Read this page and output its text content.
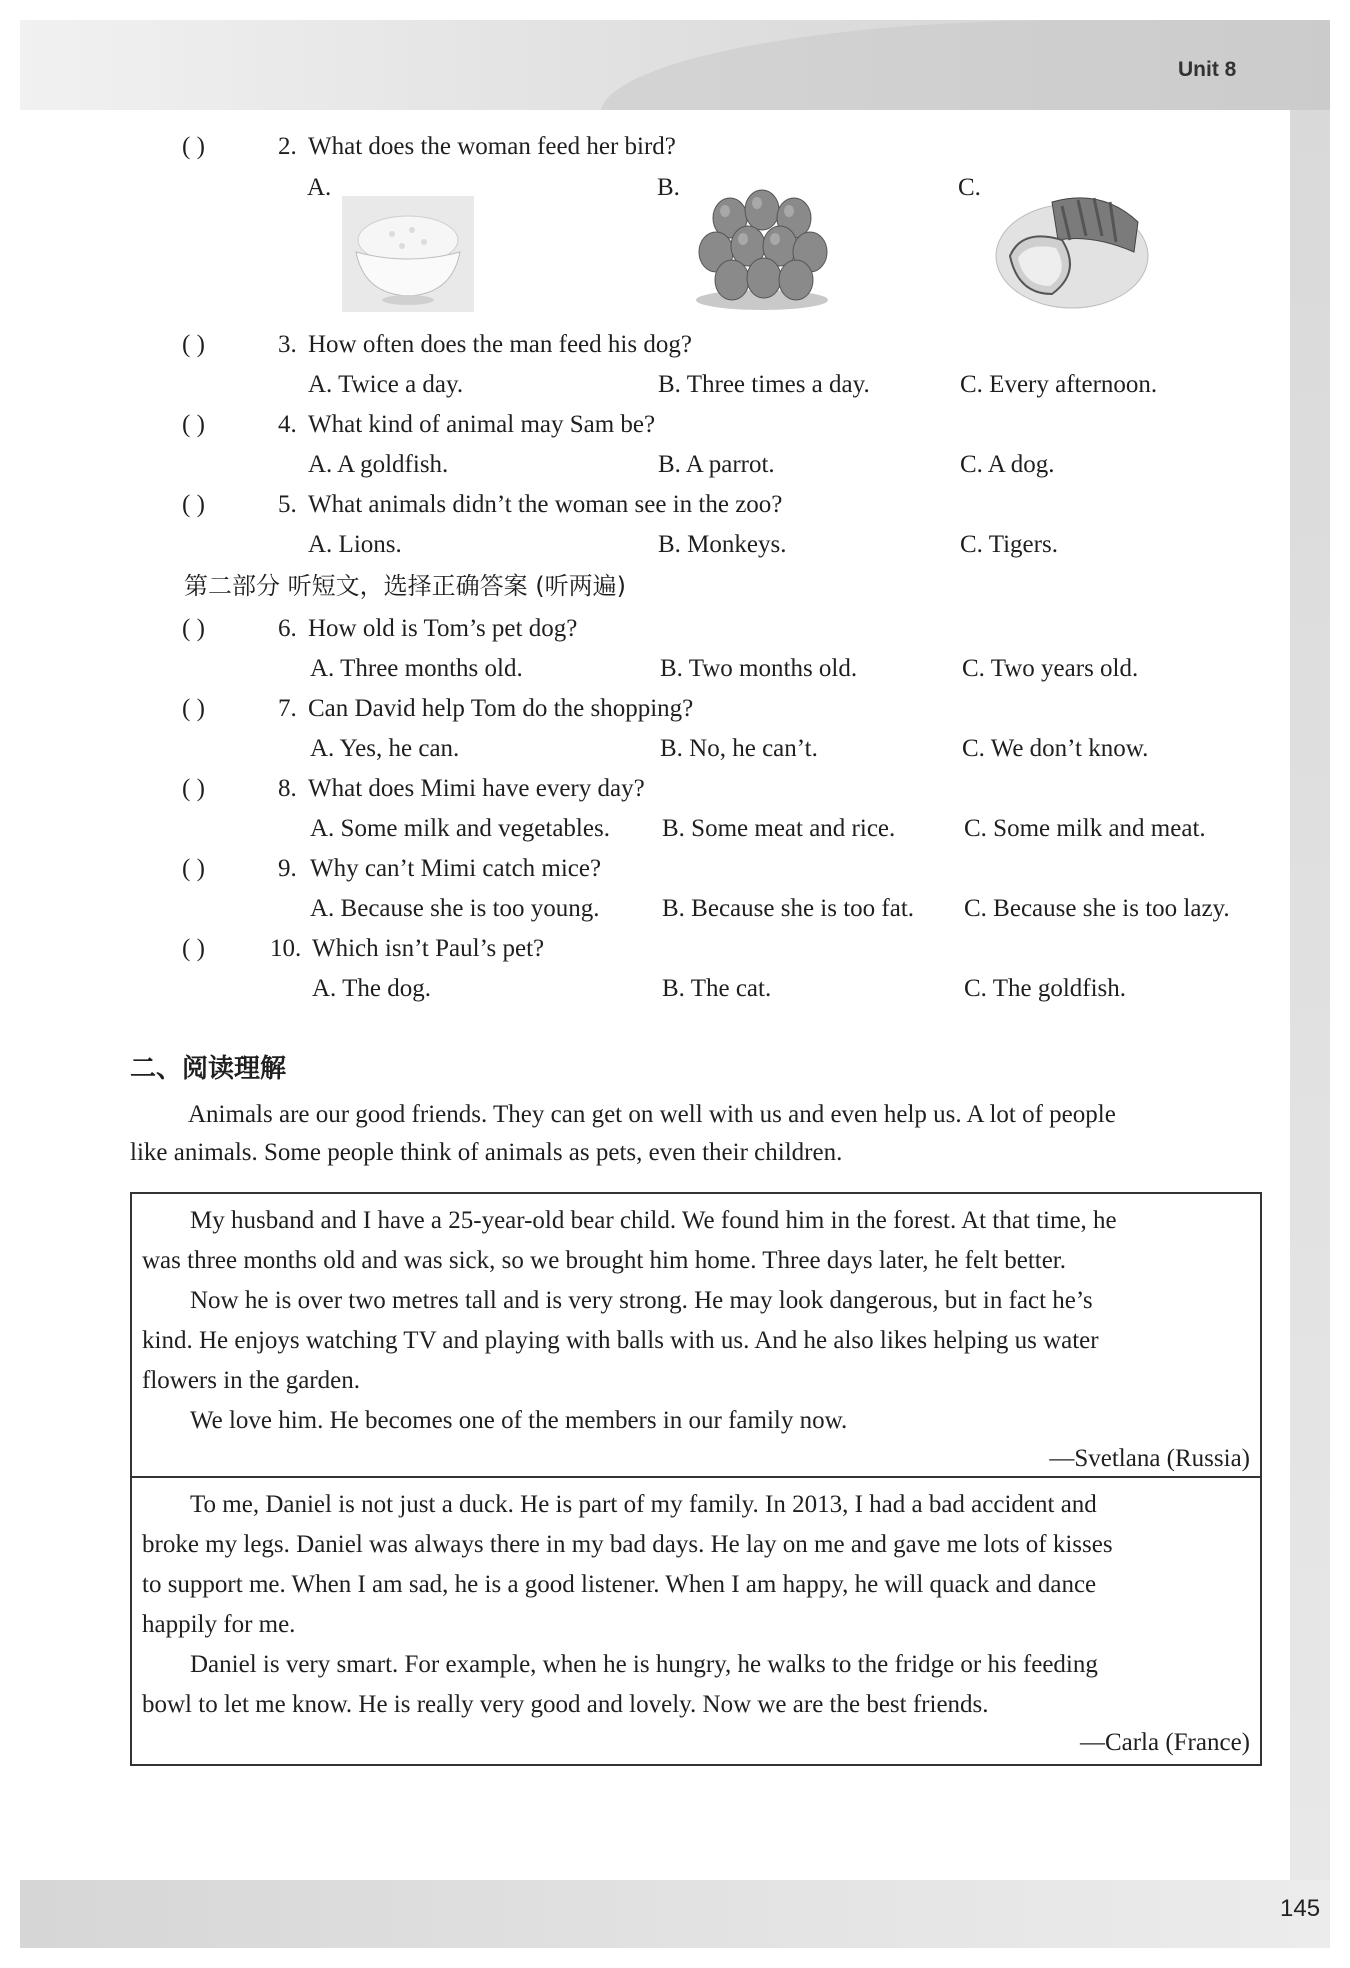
Unit 8
145
( )	2. What does the woman feed her bird?
A.	B.	C.
( )	3. How often does the man feed his dog?
A. Twice a day.	B. Three times a day.	C. Every afternoon.
( )	4. What kind of animal may Sam be?
A. A goldfish.	B. A parrot.	C. A dog.
( )	5. What animals didn’t the woman see in the zoo?
A. Lions.	B. Monkeys.	C. Tigers.
第二部分 听短文，选择正确答案 (听两遍)
( )	6. How old is Tom’s pet dog?
A. Three months old.	B. Two months old.	C. Two years old.
( )	7. Can David help Tom do the shopping?
A. Yes, he can.	B. No, he can’t.	C. We don’t know.
( )	8. What does Mimi have every day?
A. Some milk and vegetables. B. Some meat and rice.	C. Some milk and meat.
( )	9. Why can’t Mimi catch mice?
A. Because she is too young. B. Because she is too fat. C. Because she is too lazy.
( )	10. Which isn’t Paul’s pet?
A. The dog.	B. The cat.	C. The goldfish.
二、阅读理解
Animals are our good friends. They can get on well with us and even help us. A lot of people
like animals. Some people think of animals as pets, even their children.
My husband and I have a 25-year-old bear child. We found him in the forest. At that time, he
was three months old and was sick, so we brought him home. Three days later, he felt better.
Now he is over two metres tall and is very strong. He may look dangerous, but in fact he’s
kind. He enjoys watching TV and playing with balls with us. And he also likes helping us water
flowers in the garden.
We love him. He becomes one of the members in our family now.
—Svetlana (Russia)
To me, Daniel is not just a duck. He is part of my family. In 2013, I had a bad accident and
broke my legs. Daniel was always there in my bad days. He lay on me and gave me lots of kisses
to support me. When I am sad, he is a good listener. When I am happy, he will quack and dance
happily for me.
Daniel is very smart. For example, when he is hungry, he walks to the fridge or his feeding
bowl to let me know. He is really very good and lovely. Now we are the best friends.
—Carla (France)
